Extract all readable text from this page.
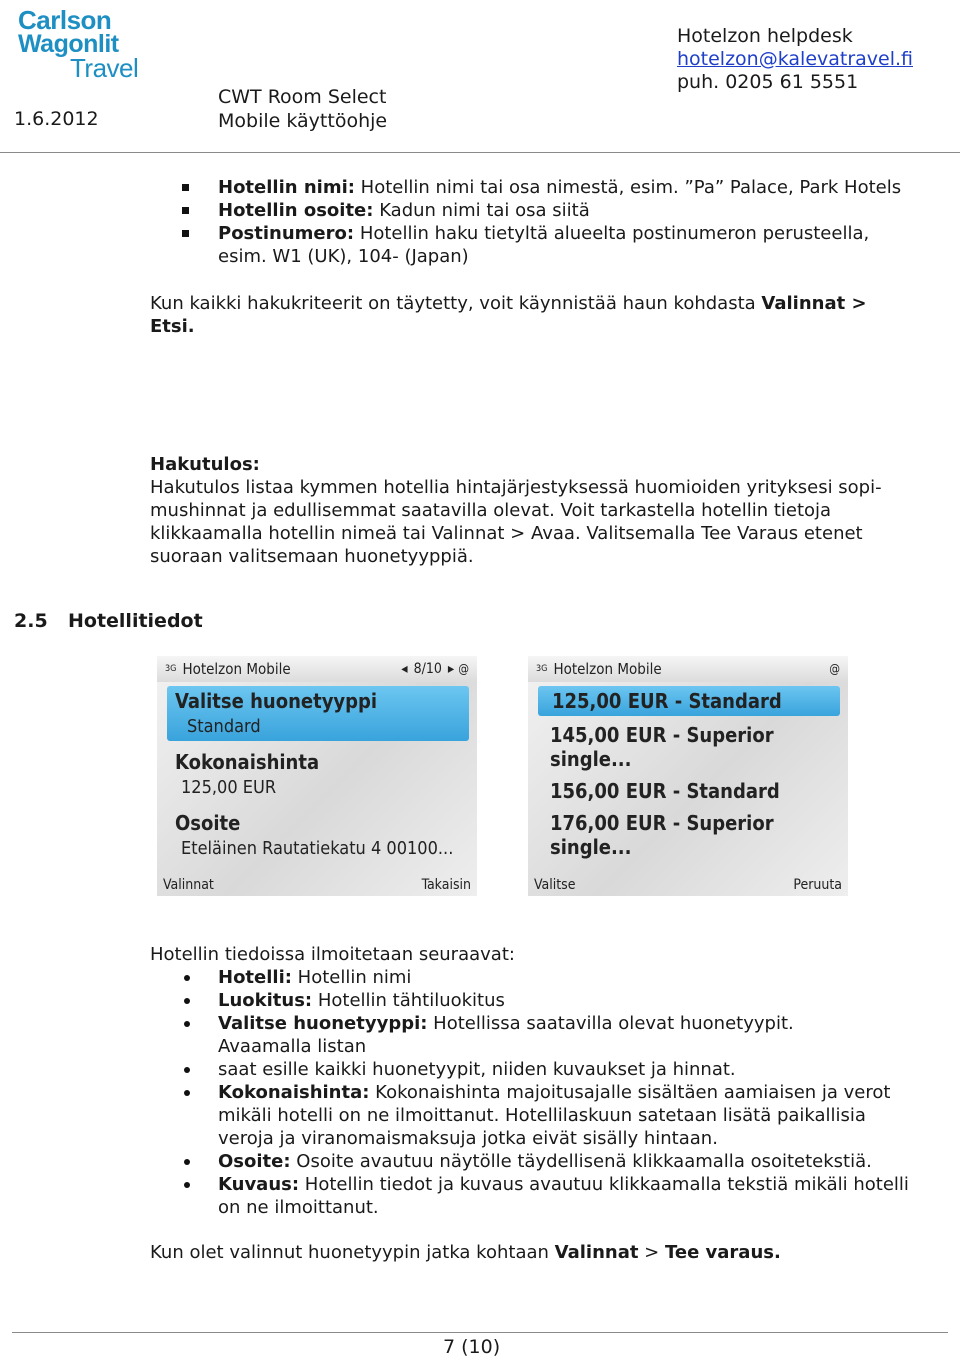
Carlson
Wagonlit
Travel
1.6.2012
CWT Room Select
Mobile käyttöohje
Hotelzon helpdesk
hotelzon@kalevatravel.fi
puh. 0205 61 5551
Hotellin nimi: Hotellin nimi tai osa nimestä, esim. ”Pa” Palace, Park Hotels
Hotellin osoite: Kadun nimi tai osa siitä
Postinumero: Hotellin haku tietyltä alueelta postinumeron perusteella,
esim. W1 (UK), 104- (Japan)
Kun kaikki hakukriteerit on täytetty, voit käynnistää haun kohdasta Valinnat >
Etsi.
Hakutulos:
Hakutulos listaa kymmen hotellia hintajärjestyksessä huomioiden yrityksesi sopi-
mushinnat ja edullisemmat saatavilla olevat. Voit tarkastella hotellin tietoja
klikkaamalla hotellin nimeä tai Valinnat > Avaa. Valitsemalla Tee Varaus etenet
suoraan valitsemaan huonetyyppiä.
2.5 Hotellitiedot
3G Hotelzon Mobile	◂ 8/10 ▸ @
Valitse huonetyyppi
Standard
Kokonaishinta
125,00 EUR
Osoite
Eteläinen Rautatiekatu 4 00100...
Valinnat	Takaisin
3G Hotelzon Mobile	@
125,00 EUR - Standard
145,00 EUR - Superior single...
156,00 EUR - Standard
176,00 EUR - Superior single...
Valitse	Peruuta
Hotellin tiedoissa ilmoitetaan seuraavat:
Hotelli: Hotellin nimi
Luokitus: Hotellin tähtiluokitus
Valitse huonetyyppi: Hotellissa saatavilla olevat huonetyypit.
Avaamalla listan
saat esille kaikki huonetyypit, niiden kuvaukset ja hinnat.
Kokonaishinta: Kokonaishinta majoitusajalle sisältäen aamiaisen ja verot
mikäli hotelli on ne ilmoittanut. Hotellilaskuun satetaan lisätä paikallisia
veroja ja viranomaismaksuja jotka eivät sisälly hintaan.
Osoite: Osoite avautuu näytölle täydellisenä klikkaamalla osoitetekstiä.
Kuvaus: Hotellin tiedot ja kuvaus avautuu klikkaamalla tekstiä mikäli hotelli
on ne ilmoittanut.
Kun olet valinnut huonetyypin jatka kohtaan Valinnat > Tee varaus.
7 (10)
